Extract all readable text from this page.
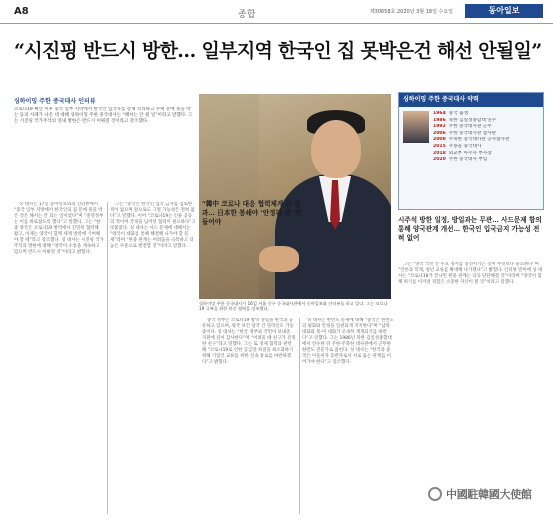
A8	종합	제30658호 2020년 3월 18일 수요일	동아일보
“시진핑 반드시 방한… 일부지역 한국인 집 못박은건 해선 안될일”
싱하이밍 주한 중국대사 인터뷰
코로나19 확산 이후 중국 일부 지역에서 한국인 입국자를 강제 격리하고 주택 문에 못을 박는 등의 사례가 나온 데 대해 싱하이밍 주한 중국대사는 “해서는 안 될 일”이라고 말했다. 그는 시진핑 국가주석의 연내 방한은 반드시 이뤄질 것이라고 강조했다.
싱하이밍 주한 중국대사가 16일 서울 중구 중국대사관에서 동아일보와 인터뷰를 하고 있다. 그는 코로나19 극복을 위한 한중 협력을 강조했다.
싱하이밍 주한 중국대사 약력
1964 중국 출생
1986 북한 김일성종합대 연수
1992 주한 중국대사관 근무
2006 주한 중국대사관 참사관
2008 주북한 중국대사관 공사참사관
2015 주몽골 중국대사
2018 외교부 아주사 부사장
2020 주한 중국대사 부임

싱 대사는 17일 동아일보와의 인터뷰에서 “중국 일부 지방에서 한국인의 집 문에 못을 박은 것은 해서는 안 되는 일이었다”며 “중앙정부는 이를 바로잡도록 했다”고 말했다. 그는 “한중 양국은 코로나19 방역에서 긴밀히 협력해 왔고, 이제는 양국이 함께 세계 방역에 기여해야 할 때”라고 강조했다. 싱 대사는 시진핑 국가주석의 방한에 대해 “양국이 소통을 계속하고 있으며 반드시 이뤄질 것”이라고 밝혔다.

그는 “중국은 한국인 입국 금지를 검토한 적이 없으며 앞으로도 그럴 가능성은 전혀 없다”고 말했다. 이어 “코로나19는 인류 공동의 적이며 국경을 넘어선 협력이 필요하다”고 덧붙였다. 싱 대사는 사드 문제에 대해서는 “양국이 대화를 통해 해결해 나가야 할 문제”라며 “한중 관계는 어려움을 극복하고 더 높은 수준으로 발전할 것”이라고 말했다.

“韓中 코로나 대응 협력체계 큰 성과… 日本한 봉쇄야 ‘안정된 섬’ 만들어야

중국 정부는 코로나19 방역 경험을 한국과 공유하고 있으며, 양국 보건 당국 간 핫라인도 가동 중이다. 싱 대사는 “한국 정부와 국민이 보내준 지원에 깊이 감사한다”며 “어려울 때 친구가 진정한 친구”라고 말했다. 그는 또 경제 협력과 관련해 “코로나19로 인한 공급망 차질을 최소화하기 위해 기업인 교류를 위한 신속 통로를 마련하겠다”고 밝혔다.

싱 대사는 한반도 문제에 대해 “중국은 한반도의 평화와 안정을 일관되게 지지한다”며 “남북 대화와 북-미 대화가 조속히 재개되기를 바란다”고 말했다. 그는 1986년 북한 김일성종합대에서 연수한 뒤 주한·주북한 대사관에서 근무한 한반도 전문가로 꼽힌다. 싱 대사는 “한국과 중국은 이웃이자 동반자로서 서로 돕는 관계를 이어가야 한다”고 강조했다.

시주석 방한 일정, 방일과는 무관… 사드문제 함의 통해 양국관계 개선… 한국인 입국금지 가능성 전혀 없어

그는 “양국 국민 간 우호 정서를 증진시키는 것이 무엇보다 중요하다”며 “언론과 학계, 청년 교류를 확대해 나가겠다”고 밝혔다. 인터뷰 말미에 싱 대사는 “코로나19가 끝나면 한중 관계는 더욱 단단해질 것”이라며 “양국이 함께 위기를 이겨낸 경험은 소중한 자산이 될 것”이라고 말했다.

中國駐韓國大使館
